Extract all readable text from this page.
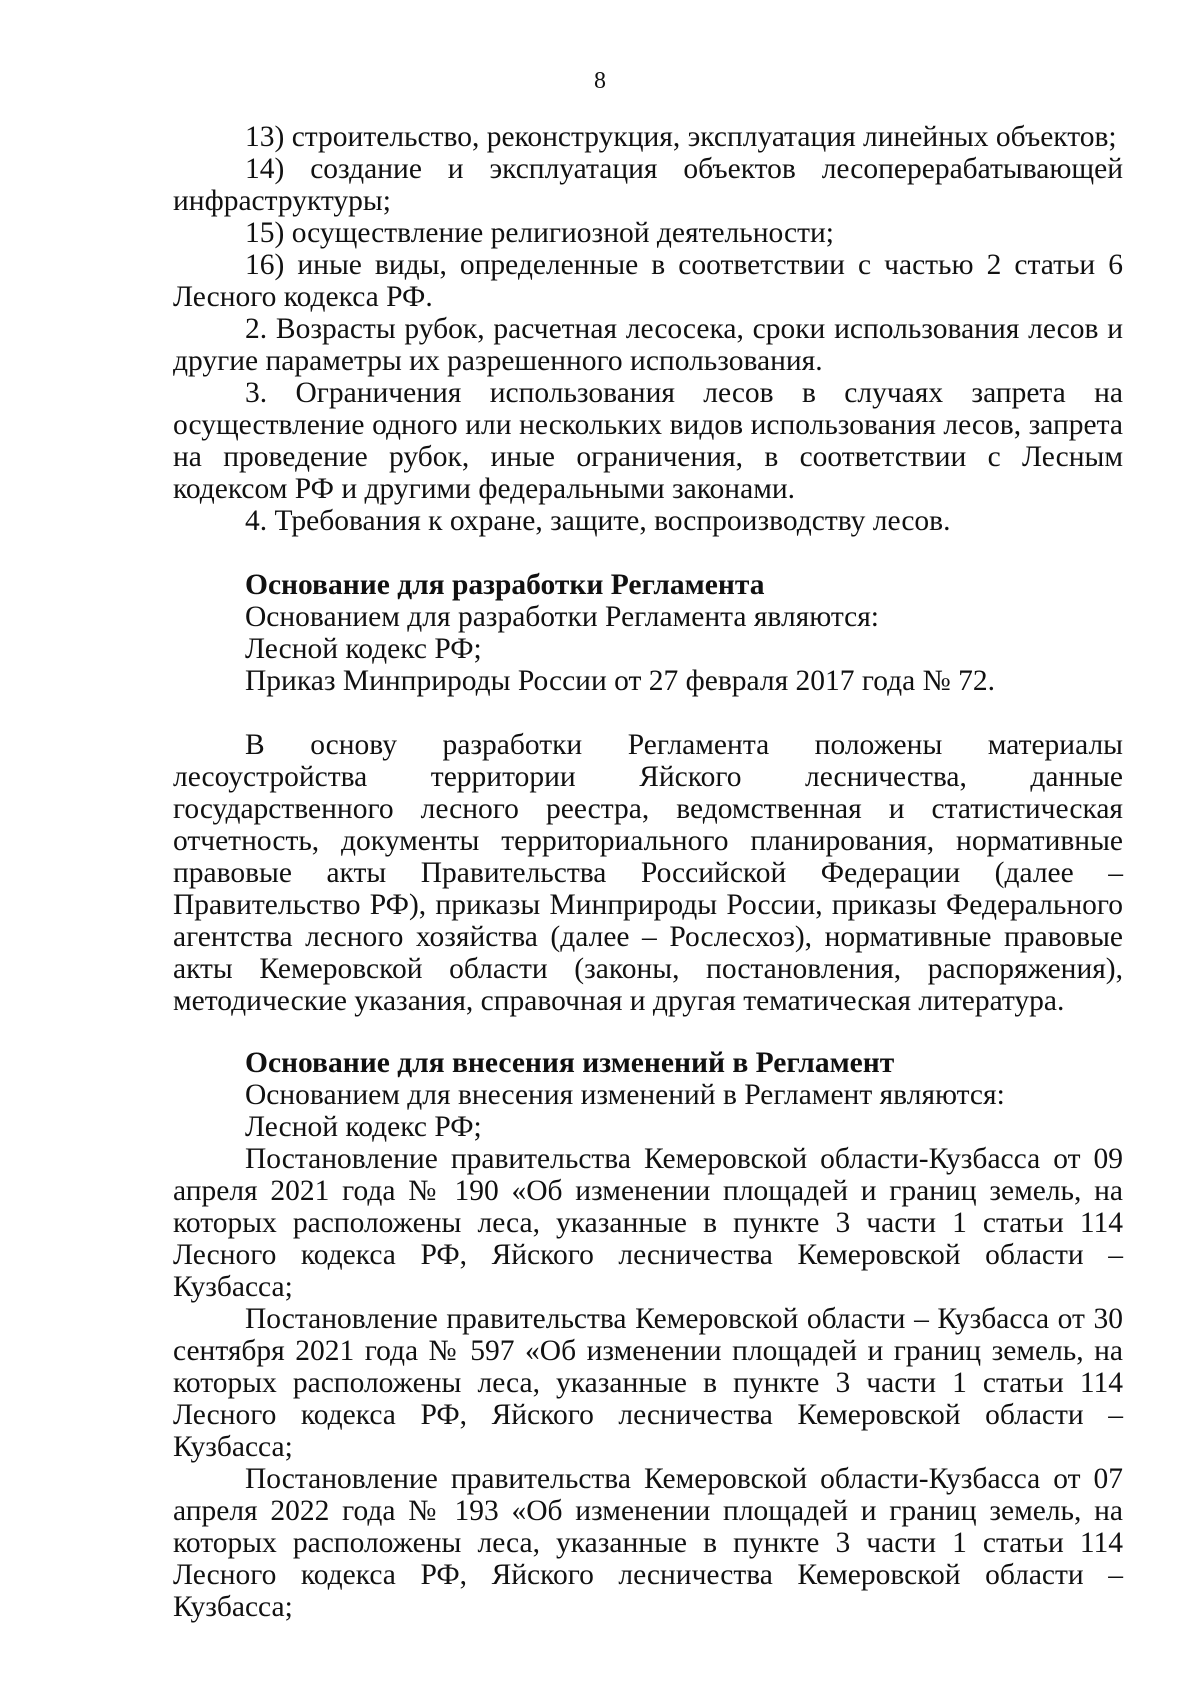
8

13) строительство, реконструкция, эксплуатация линейных объектов;

14) создание и эксплуатация объектов лесоперерабатывающей инфраструктуры;

15) осуществление религиозной деятельности;

16) иные виды, определенные в соответствии с частью 2 статьи 6 Лесного кодекса РФ.

2. Возрасты рубок, расчетная лесосека, сроки использования лесов и другие параметры их разрешенного использования.

3. Ограничения использования лесов в случаях запрета на осуществление одного или нескольких видов использования лесов, запрета на проведение рубок, иные ограничения, в соответствии с Лесным кодексом РФ и другими федеральными законами.

4. Требования к охране, защите, воспроизводству лесов.

Основание для разработки Регламента

Основанием для разработки Регламента являются:

Лесной кодекс РФ;

Приказ Минприроды России от 27 февраля 2017 года № 72.

В основу разработки Регламента положены материалы лесоустройства территории Яйского лесничества, данные государственного лесного реестра, ведомственная и статистическая отчетность, документы территориального планирования, нормативные правовые акты Правительства Российской Федерации (далее – Правительство РФ), приказы Минприроды России, приказы Федерального агентства лесного хозяйства (далее – Рослесхоз), нормативные правовые акты Кемеровской области (законы, постановления, распоряжения), методические указания, справочная и другая тематическая литература.

Основание для внесения изменений в Регламент

Основанием для внесения изменений в Регламент являются:

Лесной кодекс РФ;

Постановление правительства Кемеровской области-Кузбасса от 09 апреля 2021 года № 190 «Об изменении площадей и границ земель, на которых расположены леса, указанные в пункте 3 части 1 статьи 114 Лесного кодекса РФ, Яйского лесничества Кемеровской области – Кузбасса;

Постановление правительства Кемеровской области – Кузбасса от 30 сентября 2021 года № 597 «Об изменении площадей и границ земель, на которых расположены леса, указанные в пункте 3 части 1 статьи 114 Лесного кодекса РФ, Яйского лесничества Кемеровской области – Кузбасса;

Постановление правительства Кемеровской области-Кузбасса от 07 апреля 2022 года № 193 «Об изменении площадей и границ земель, на которых расположены леса, указанные в пункте 3 части 1 статьи 114 Лесного кодекса РФ, Яйского лесничества Кемеровской области – Кузбасса;
